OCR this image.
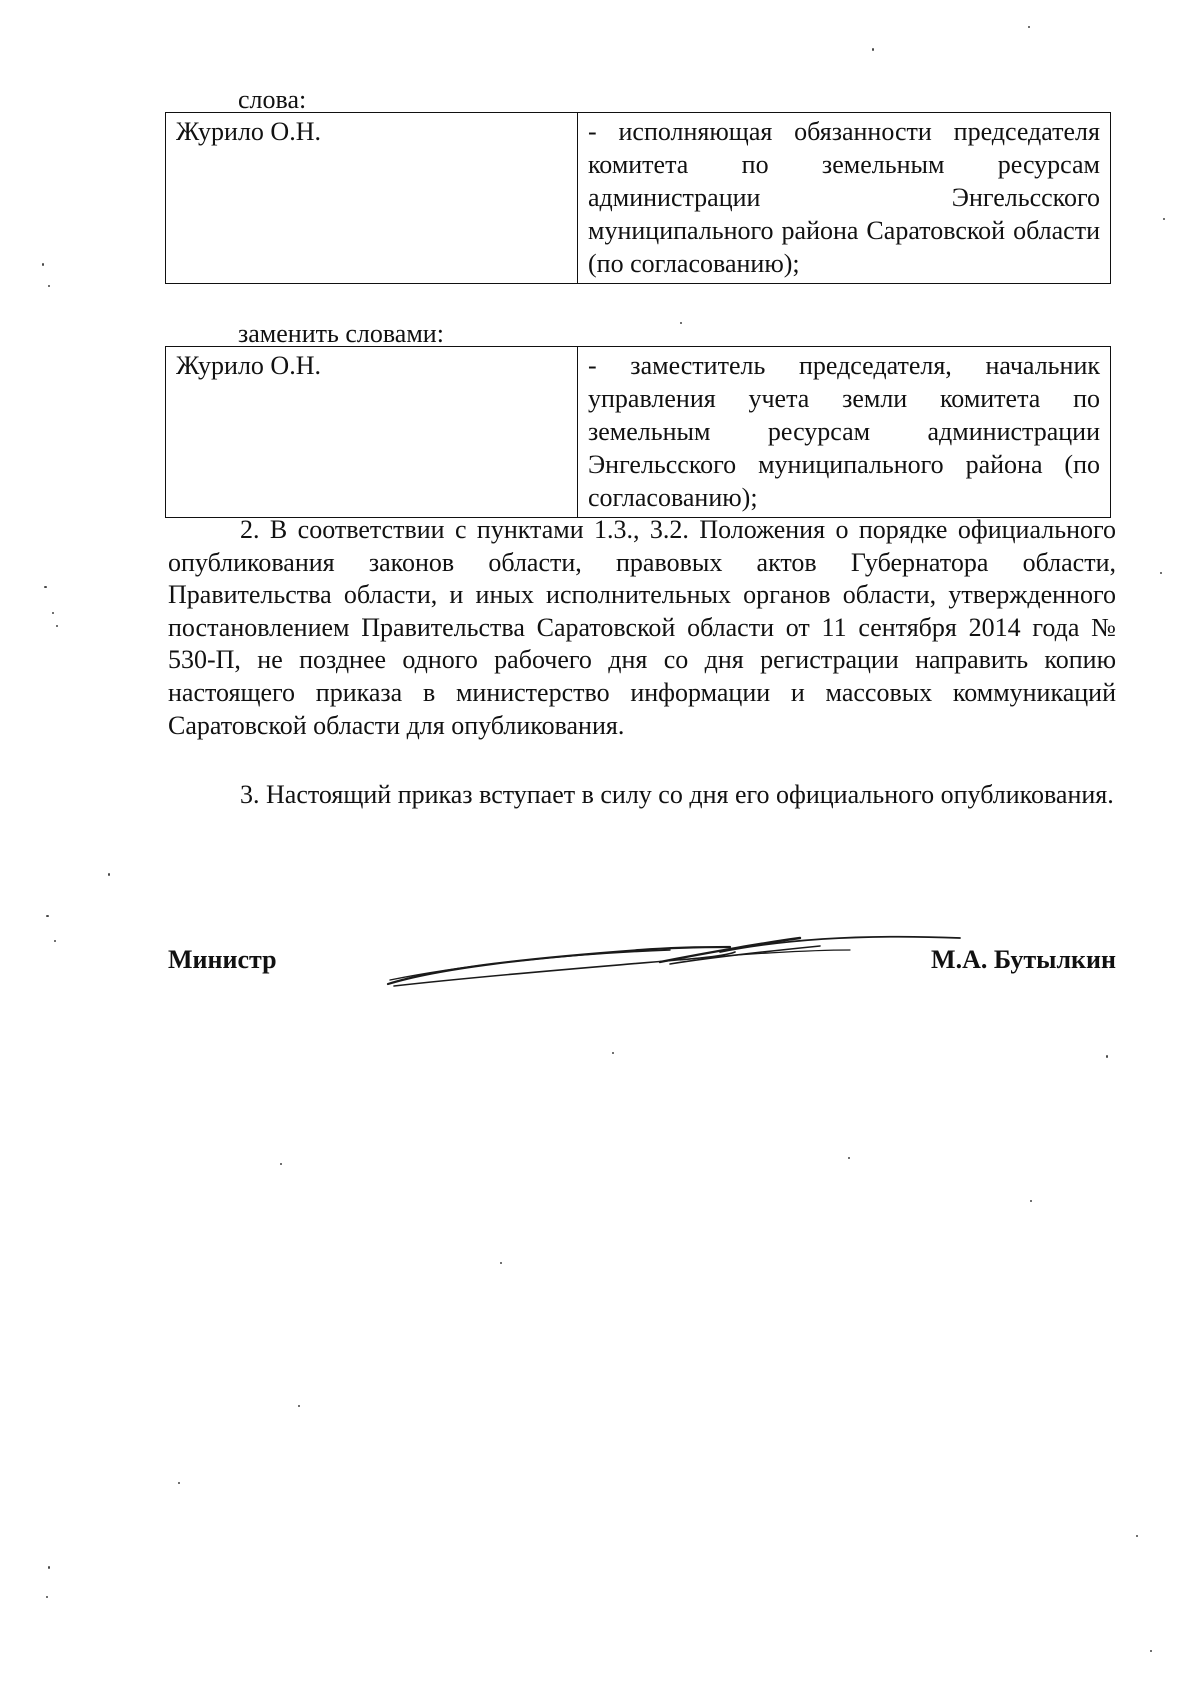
слова:
Журило О.Н.	- исполняющая обязанности председателя комитета по земельным ресурсам администрации Энгельсского муниципального района Саратовской области (по согласованию);
заменить словами:
Журило О.Н.	- заместитель председателя, начальник управления учета земли комитета по земельным ресурсам администрации Энгельсского муниципального района (по согласованию);

2. В соответствии с пунктами 1.3., 3.2. Положения о порядке официального опубликования законов области, правовых актов Губернатора области, Правительства области, и иных исполнительных органов области, утвержденного постановлением Правительства Саратовской области от 11 сентября 2014 года № 530-П, не позднее одного рабочего дня со дня регистрации направить копию настоящего приказа в министерство информации и массовых коммуникаций Саратовской области для опубликования.

3. Настоящий приказ вступает в силу со дня его официального опубликования.

Министр	М.А. Бутылкин
